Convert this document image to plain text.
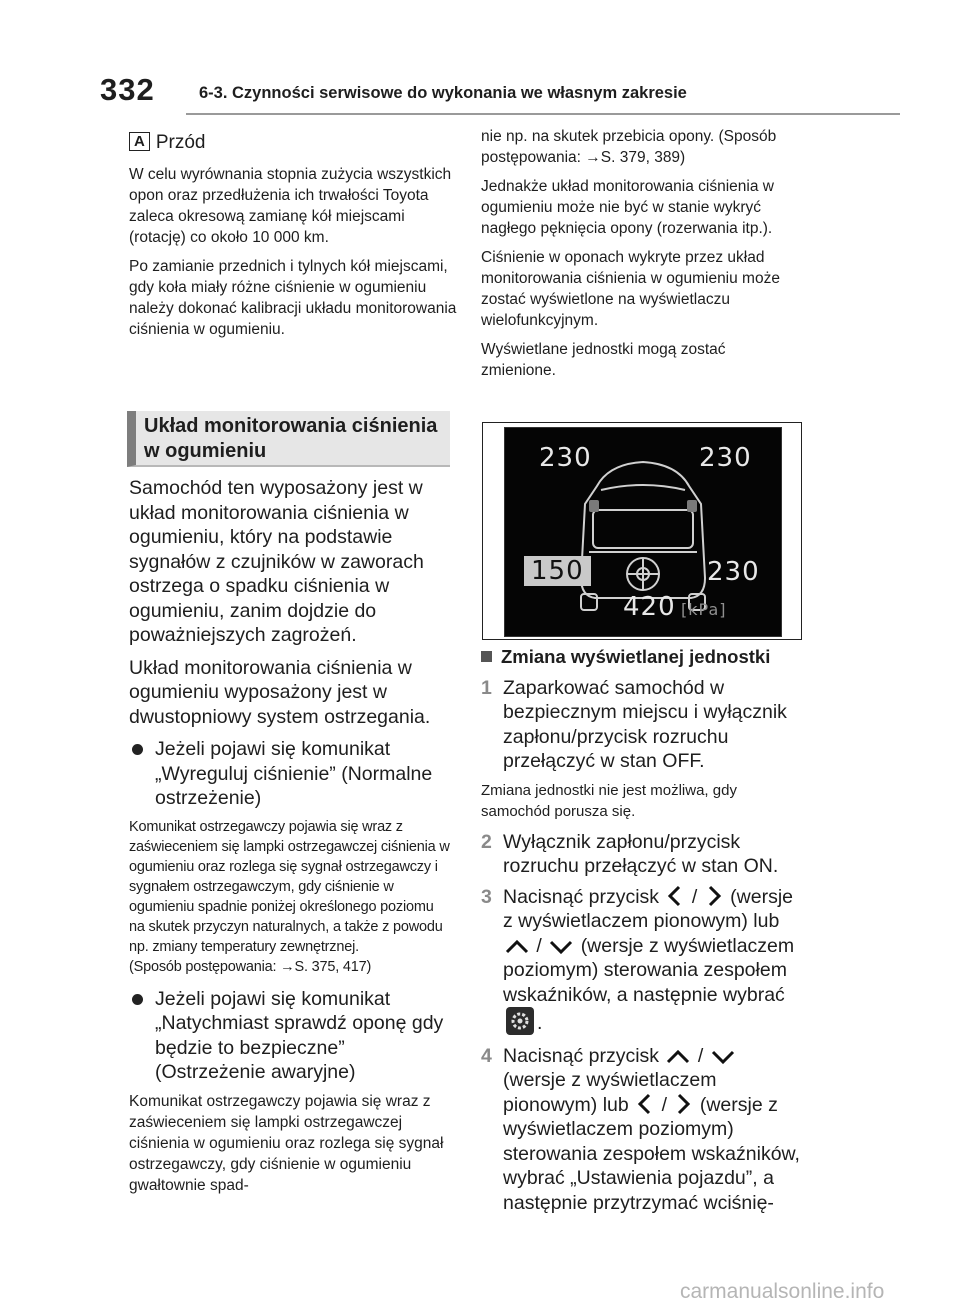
332	6-3. Czynności serwisowe do wykonania we własnym zakresie
A Przód

W celu wyrównania stopnia zużycia wszystkich opon oraz przedłużenia ich trwałości Toyota zaleca okresową zamianę kół miejscami (rotację) co około 10 000 km.

Po zamianie przednich i tylnych kół miejscami, gdy koła miały różne ciśnienie w ogumieniu należy dokonać kalibracji układu monitorowania ciśnienia w ogumieniu.

Układ monitorowania ciśnienia w ogumieniu

Samochód ten wyposażony jest w układ monitorowania ciśnienia w ogumieniu, który na podstawie sygnałów z czujników w zaworach ostrzega o spadku ciśnienia w ogumieniu, zanim dojdzie do poważniejszych zagrożeń.

Układ monitorowania ciśnienia w ogumieniu wyposażony jest w dwustopniowy system ostrzegania.

Jeżeli pojawi się komunikat „Wyreguluj ciśnienie” (Normalne ostrzeżenie)

Komunikat ostrzegawczy pojawia się wraz z zaświeceniem się lampki ostrzegawczej ciśnienia w ogumieniu oraz rozlega się sygnał ostrzegawczy i sygnałem ostrzegawczym, gdy ciśnienie w ogumieniu spadnie poniżej określonego poziomu na skutek przyczyn naturalnych, a także z powodu np. zmiany temperatury zewnętrznej.

(Sposób postępowania: →S. 375, 417)

Jeżeli pojawi się komunikat „Natychmiast sprawdź oponę gdy będzie to bezpieczne” (Ostrzeżenie awaryjne)

Komunikat ostrzegawczy pojawia się wraz z zaświeceniem się lampki ostrzegawczej ciśnienia w ogumieniu oraz rozlega się sygnał ostrzegawczy, gdy ciśnienie w ogumieniu gwałtownie spad-

nie np. na skutek przebicia opony. (Sposób postępowania: →S. 379, 389)

Jednakże układ monitorowania ciśnienia w ogumieniu może nie być w stanie wykryć nagłego pęknięcia opony (rozerwania itp.).

Ciśnienie w oponach wykryte przez układ monitorowania ciśnienia w ogumieniu może zostać wyświetlone na wyświetlaczu wielofunkcyjnym.

Wyświetlane jednostki mogą zostać zmienione.

230	230
150	230
420 [kPa]

Zmiana wyświetlanej jednostki

1 Zaparkować samochód w bezpiecznym miejscu i wyłącznik zapłonu/przycisk rozruchu przełączyć w stan OFF.

Zmiana jednostki nie jest możliwa, gdy samochód porusza się.

2 Wyłącznik zapłonu/przycisk rozruchu przełączyć w stan ON.

3 Nacisnąć przycisk / (wersje z wyświetlaczem pionowym) lub  / (wersje z wyświetlaczem poziomym) sterowania zespołem wskaźników, a następnie wybrać
.

4 Nacisnąć przycisk /  (wersje z wyświetlaczem pionowym) lub / (wersje z wyświetlaczem poziomym) sterowania zespołem wskaźników, wybrać „Ustawienia pojazdu”, a następnie przytrzymać wciśnię-

carmanualsonline.info
